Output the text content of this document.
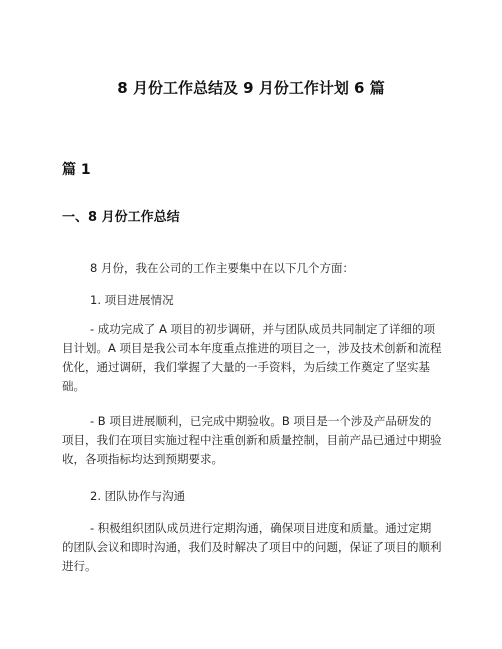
8 月份工作总结及 9 月份工作计划 6 篇
篇 1
一、8 月份工作总结

8 月份，我在公司的工作主要集中在以下几个方面：

1. 项目进展情况

- 成功完成了 A 项目的初步调研，并与团队成员共同制定了详细的项目计划。A 项目是我公司本年度重点推进的项目之一，涉及技术创新和流程优化，通过调研，我们掌握了大量的一手资料，为后续工作奠定了坚实基础。

- B 项目进展顺利，已完成中期验收。B 项目是一个涉及产品研发的项目，我们在项目实施过程中注重创新和质量控制，目前产品已通过中期验收，各项指标均达到预期要求。

2. 团队协作与沟通

- 积极组织团队成员进行定期沟通，确保项目进度和质量。通过定期的团队会议和即时沟通，我们及时解决了项目中的问题，保证了项目的顺利进行。
